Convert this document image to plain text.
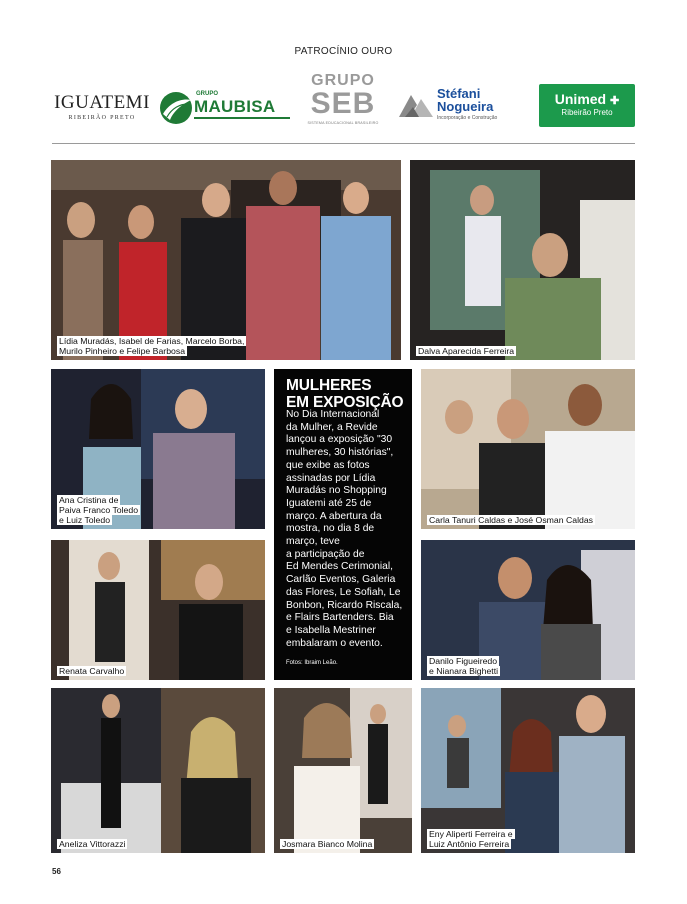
PATROCÍNIO OURO
IGUATEMI
RIBEIRÃO PRETO
GRUPO
MAUBISA
GRUPO
SEB
SISTEMA EDUCACIONAL BRASILEIRO
Stéfani
Nogueira
Incorporação e Construção
Unimed ✚
Ribeirão Preto
Lídia Muradás, Isabel de Farias, Marcelo Borba,
Murilo Pinheiro e Felipe Barbosa	Dalva Aparecida Ferreira
Ana Cristina de
Paiva Franco Toledo
e Luiz Toledo
MULHERES
EM EXPOSIÇÃO
No Dia Internacional
da Mulher, a Revide
lançou a exposição "30
mulheres, 30 histórias",
que exibe as fotos
assinadas por Lídia
Muradás no Shopping
Iguatemi até 25 de
março. A abertura da
mostra, no dia 8 de
março, teve
a participação de
Ed Mendes Cerimonial,
Carlão Eventos, Galeria
das Flores, Le Sofiah, Le
Bonbon, Ricardo Riscala,
e Flairs Bartenders. Bia
e Isabella Mestriner
embalaram o evento.
Fotos: Ibraim Leão.
Carla Tanuri Caldas e José Osman Caldas
Renata Carvalho
Danilo Figueiredo
e Nianara Bighetti
Aneliza Vittorazzi	Josmara Bianco Molina
Eny Aliperti Ferreira e
Luiz Antônio Ferreira
56
